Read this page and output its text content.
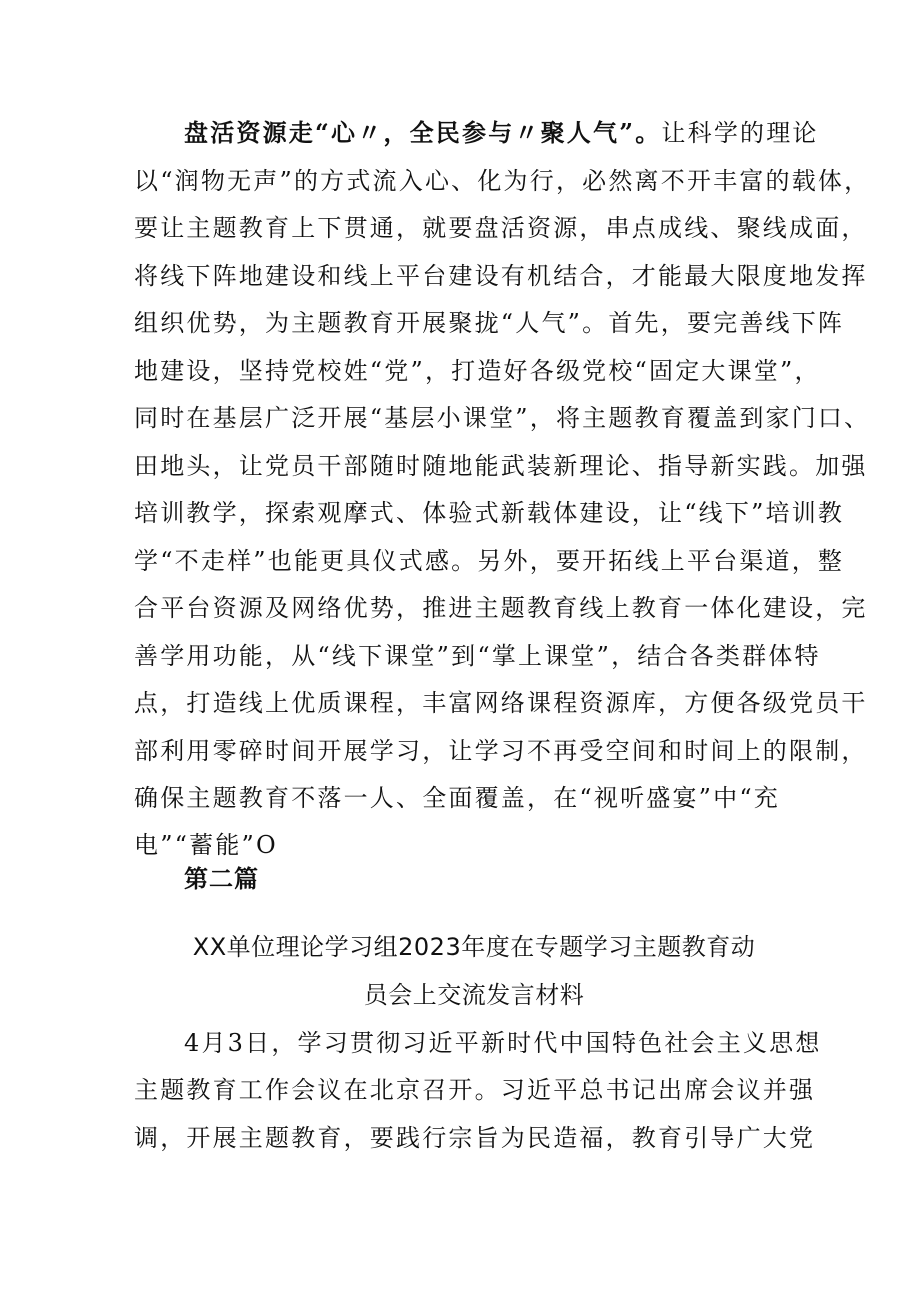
盘活资源走“心〃，全民参与〃聚人气”。让科学的理论
以“润物无声”的方式流入心、化为行，必然离不开丰富的载体，
要让主题教育上下贯通，就要盘活资源，串点成线、聚线成面，
将线下阵地建设和线上平台建设有机结合，才能最大限度地发挥
组织优势，为主题教育开展聚拢“人气”。首先，要完善线下阵
地建设，坚持党校姓“党”，打造好各级党校“固定大课堂”，
同时在基层广泛开展“基层小课堂”，将主题教育覆盖到家门口、
田地头，让党员干部随时随地能武装新理论、指导新实践。加强
培训教学，探索观摩式、体验式新载体建设，让“线下”培训教
学“不走样”也能更具仪式感。另外，要开拓线上平台渠道，整
合平台资源及网络优势，推进主题教育线上教育一体化建设，完
善学用功能，从“线下课堂”到“掌上课堂”，结合各类群体特
点，打造线上优质课程，丰富网络课程资源库，方便各级党员干
部利用零碎时间开展学习，让学习不再受空间和时间上的限制，
确保主题教育不落一人、全面覆盖，在“视听盛宴”中“充
电”“蓄能”O
第二篇
XX单位理论学习组2023年度在专题学习主题教育动
员会上交流发言材料
4月3日，学习贯彻习近平新时代中国特色社会主义思想
主题教育工作会议在北京召开。习近平总书记出席会议并强
调，开展主题教育，要践行宗旨为民造福，教育引导广大党
